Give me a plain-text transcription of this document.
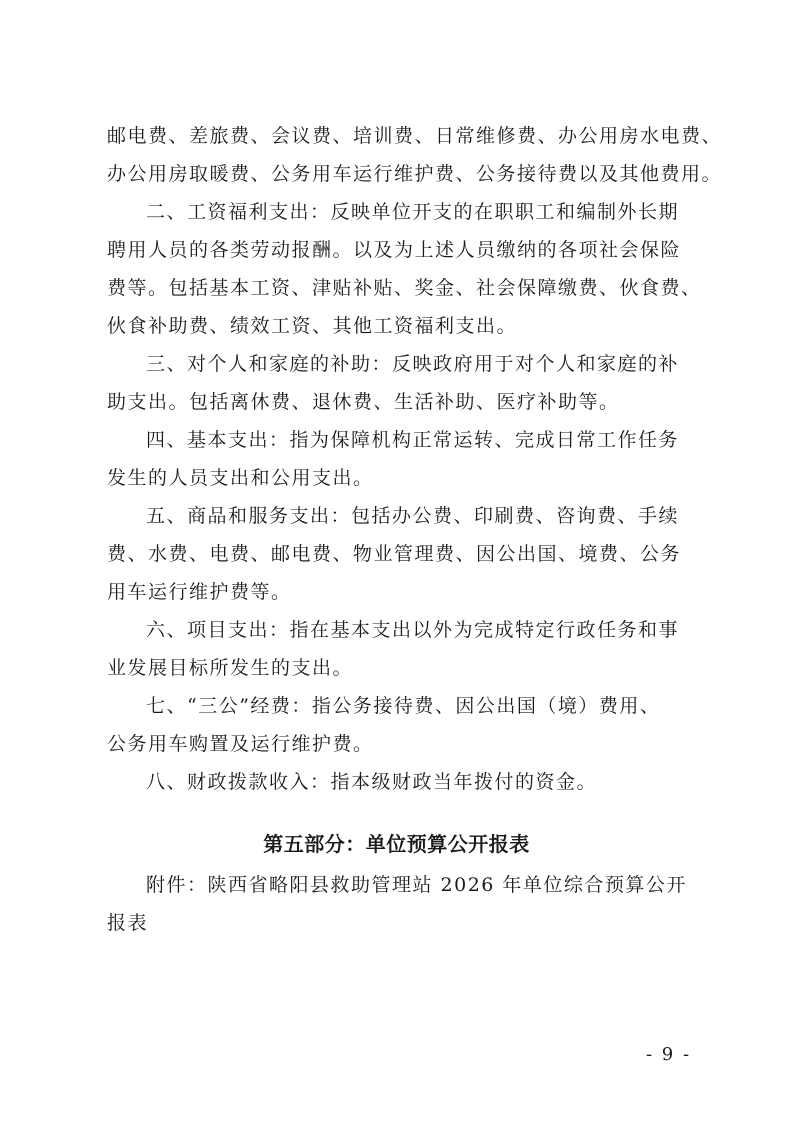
邮电费、差旅费、会议费、培训费、日常维修费、办公用房水电费、
办公用房取暖费、公务用车运行维护费、公务接待费以及其他费用。
二、工资福利支出：反映单位开支的在职职工和编制外长期
聘用人员的各类劳动报酬。以及为上述人员缴纳的各项社会保险
费等。包括基本工资、津贴补贴、奖金、社会保障缴费、伙食费、
伙食补助费、绩效工资、其他工资福利支出。
三、对个人和家庭的补助：反映政府用于对个人和家庭的补
助支出。包括离休费、退休费、生活补助、医疗补助等。
四、基本支出：指为保障机构正常运转、完成日常工作任务
发生的人员支出和公用支出。
五、商品和服务支出：包括办公费、印刷费、咨询费、手续
费、水费、电费、邮电费、物业管理费、因公出国、境费、公务
用车运行维护费等。
六、项目支出：指在基本支出以外为完成特定行政任务和事
业发展目标所发生的支出。
七、“三公”经费：指公务接待费、因公出国（境）费用、
公务用车购置及运行维护费。
八、财政拨款收入：指本级财政当年拨付的资金。
第五部分：单位预算公开报表
附件：陕西省略阳县救助管理站 2026 年单位综合预算公开
报表
- 9 -
